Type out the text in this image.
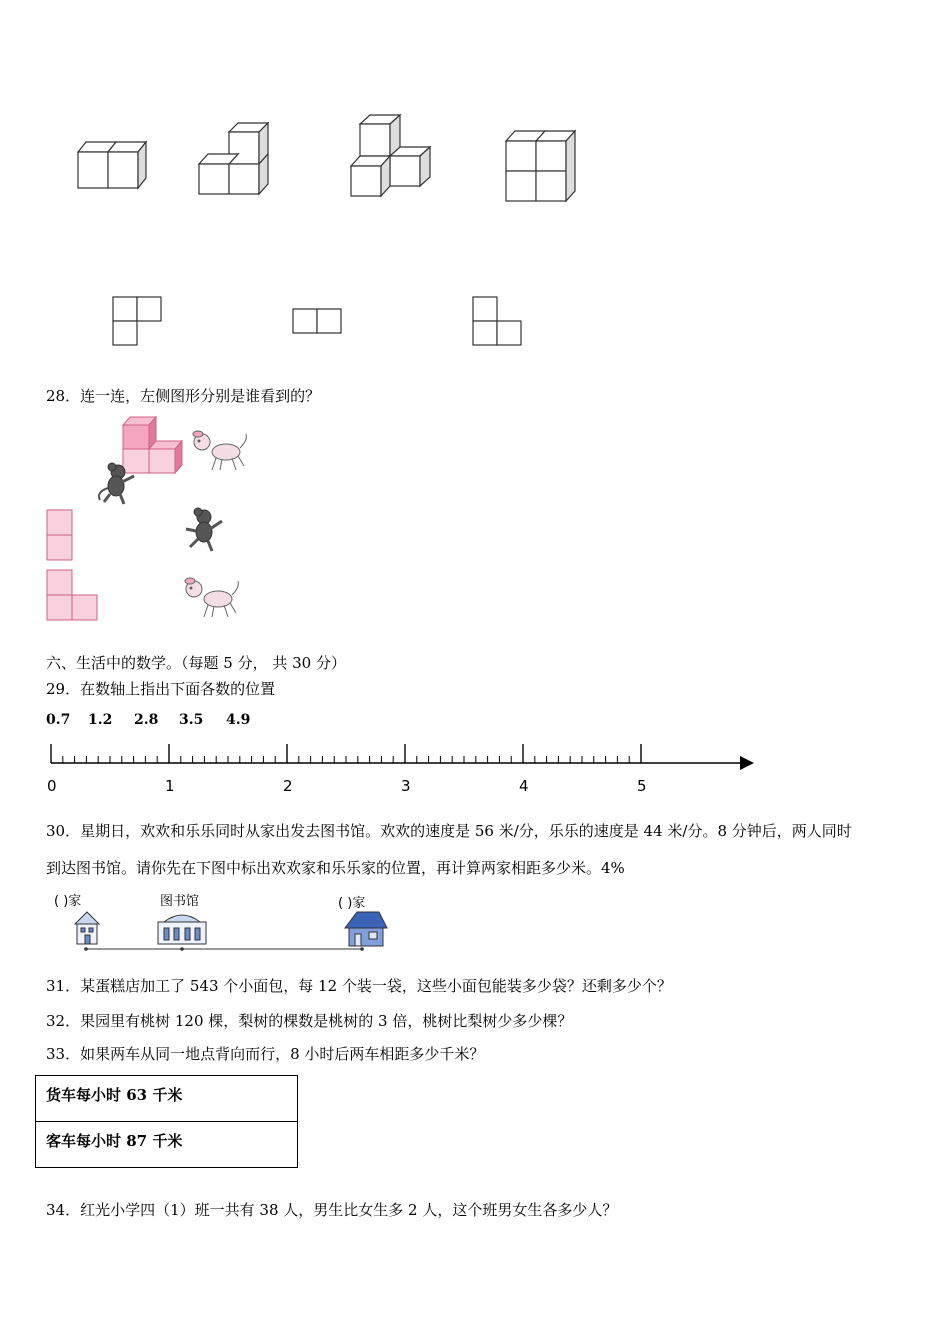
28．连一连，左侧图形分别是谁看到的？
六、生活中的数学。（每题 5 分， 共 30 分）
29．在数轴上指出下面各数的位置
0.7 1.2 2.8 3.5 4.9
0	1	2	3	4	5
30．星期日，欢欢和乐乐同时从家出发去图书馆。欢欢的速度是 56 米/分，乐乐的速度是 44 米/分。8 分钟后，两人同时
到达图书馆。请你先在下图中标出欢欢家和乐乐家的位置，再计算两家相距多少米。4%
( )家	图书馆	( )家
31．某蛋糕店加工了 543 个小面包，每 12 个装一袋，这些小面包能装多少袋？还剩多少个？
32．果园里有桃树 120 棵，梨树的棵数是桃树的 3 倍，桃树比梨树少多少棵？
33．如果两车从同一地点背向而行，8 小时后两车相距多少千米？
货车每小时 63 千米
客车每小时 87 千米
34．红光小学四（1）班一共有 38 人，男生比女生多 2 人，这个班男女生各多少人？
